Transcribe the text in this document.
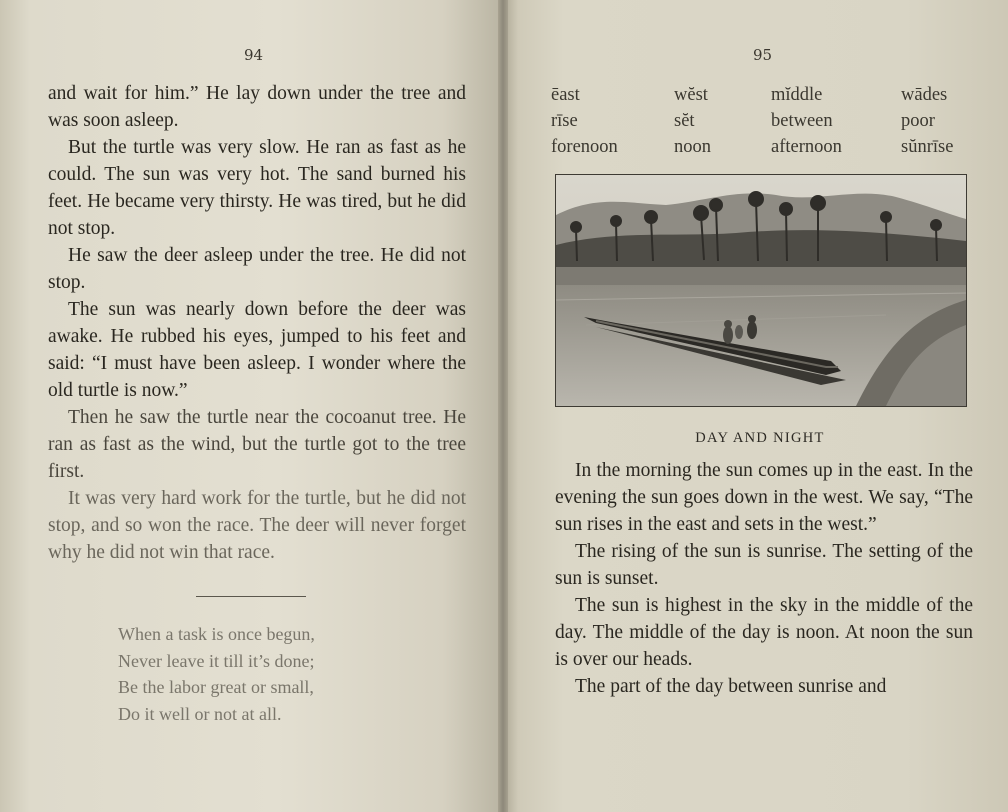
94

and wait for him.” He lay down under the tree and was soon asleep.

But the turtle was very slow. He ran as fast as he could. The sun was very hot. The sand burned his feet. He became very thirsty. He was tired, but he did not stop.

He saw the deer asleep under the tree. He did not stop.

The sun was nearly down before the deer was awake. He rubbed his eyes, jumped to his feet and said: “I must have been asleep. I wonder where the old turtle is now.”

Then he saw the turtle near the cocoanut tree. He ran as fast as the wind, but the turtle got to the tree first.

It was very hard work for the turtle, but he did not stop, and so won the race. The deer will never forget why he did not win that race.

When a task is once begun,
Never leave it till it’s done;
Be the labor great or small,
Do it well or not at all.
95
ēast	wĕst	mĭddle	wādes
rīse	sĕt	between	poor
forenoon	noon	afternoon	sŭnrīse
DAY AND NIGHT

In the morning the sun comes up in the east. In the evening the sun goes down in the west. We say, “The sun rises in the east and sets in the west.”

The rising of the sun is sunrise. The setting of the sun is sunset.

The sun is highest in the sky in the middle of the day. The middle of the day is noon. At noon the sun is over our heads.

The part of the day between sunrise and
